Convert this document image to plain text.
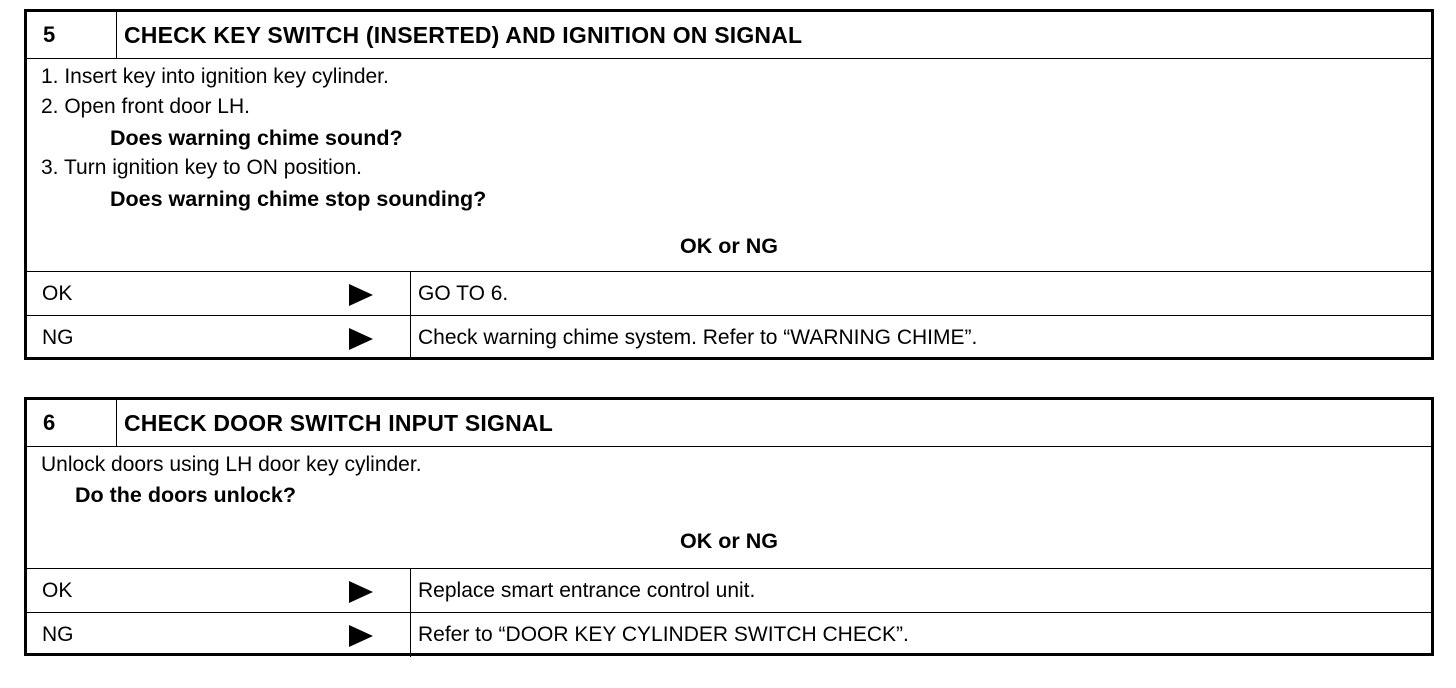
5	CHECK KEY SWITCH (INSERTED) AND IGNITION ON SIGNAL
1. Insert key into ignition key cylinder.
2. Open front door LH.
Does warning chime sound?
3. Turn ignition key to ON position.
Does warning chime stop sounding?
OK or NG
OK	GO TO 6.
NG	Check warning chime system. Refer to “WARNING CHIME”.
6	CHECK DOOR SWITCH INPUT SIGNAL
Unlock doors using LH door key cylinder.
Do the doors unlock?
OK or NG
OK	Replace smart entrance control unit.
NG	Refer to “DOOR KEY CYLINDER SWITCH CHECK”.
